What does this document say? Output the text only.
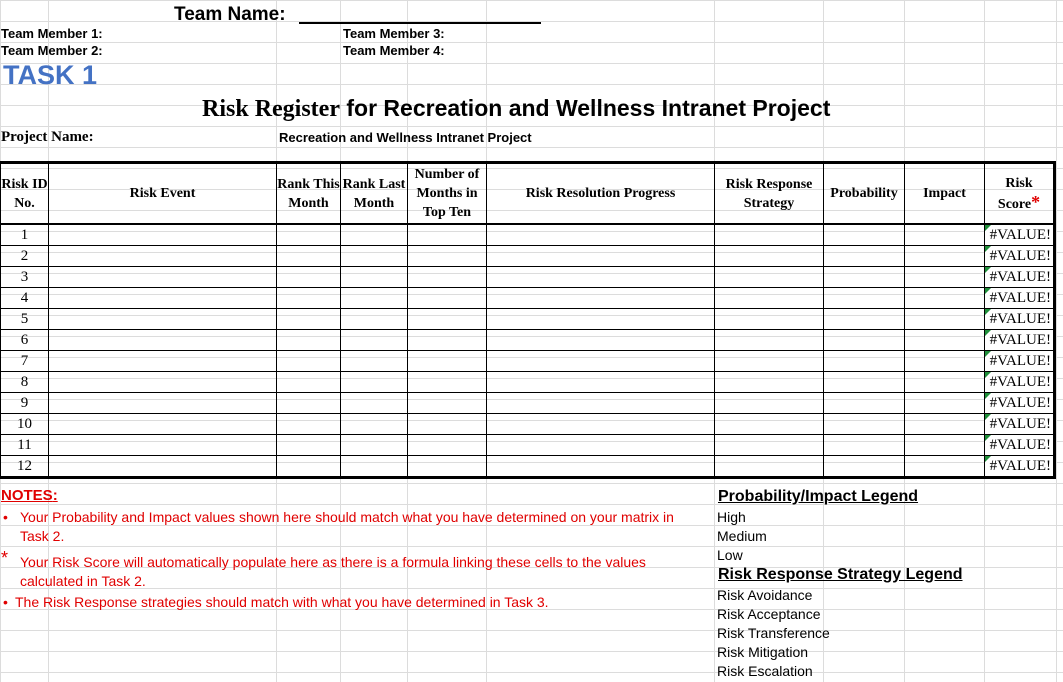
Team Name:
Team Member 1:
Team Member 2:
Team Member 3:
Team Member 4:
TASK 1
Risk Register for Recreation and Wellness Intranet Project
Project Name:	Recreation and Wellness Intranet Project
Risk ID No.	Risk Event	Rank This Month	Rank Last Month	Number of Months in Top Ten	Risk Resolution Progress	Risk Response Strategy	Probability	Impact	Risk Score*
1									#VALUE!
2									#VALUE!
3									#VALUE!
4									#VALUE!
5									#VALUE!
6									#VALUE!
7									#VALUE!
8									#VALUE!
9									#VALUE!
10									#VALUE!
11									#VALUE!
12									#VALUE!
NOTES:
• Your Probability and Impact values shown here should match what you have determined on your matrix in Task 2.
* Your Risk Score will automatically populate here as there is a formula linking these cells to the values calculated in Task 2.
• The Risk Response strategies should match with what you have determined in Task 3.
Probability/Impact Legend
High
Medium
Low
Risk Response Strategy Legend
Risk Avoidance
Risk Acceptance
Risk Transference
Risk Mitigation
Risk Escalation
